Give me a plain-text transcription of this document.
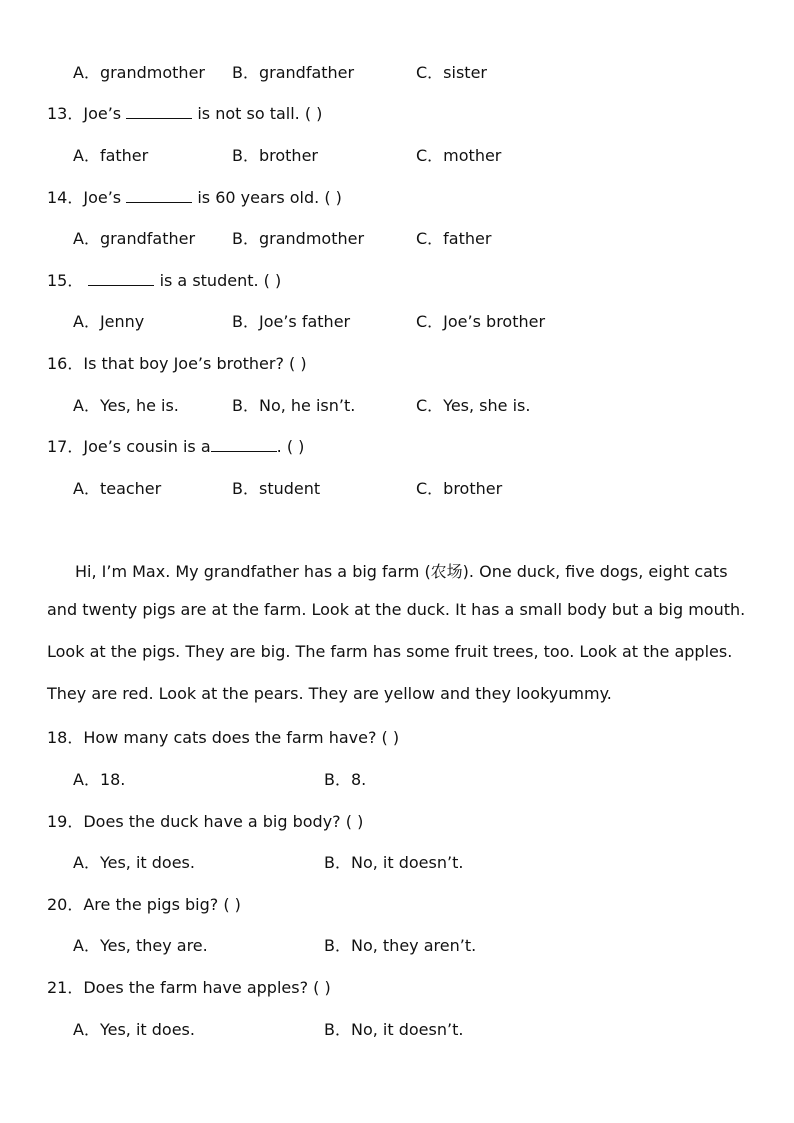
A．grandmother B．grandfather	C．sister
13．Joe’s	is not so tall. ( )
A．father	B．brother	C．mother
14．Joe’s	is 60 years old. ( )
A．grandfather B．grandmother	C．father
15．	is a student. ( )
A．Jenny	B．Joe’s father	C．Joe’s brother
16．Is that boy Joe’s brother? ( )
A．Yes, he is.	B．No, he isn’t.	C．Yes, she is.
17．Joe’s cousin is a	. ( )
A．teacher	B．student	C．brother
Hi, I’m Max. My grandfather has a big farm (农场). One duck, five dogs, eight cats
and twenty pigs are at the farm. Look at the duck. It has a small body but a big mouth.
Look at the pigs. They are big. The farm has some fruit trees, too. Look at the apples.
They are red. Look at the pears. They are yellow and they lookyummy.
18．How many cats does the farm have? ( )
A．18.	B．8.
19．Does the duck have a big body? ( )
A．Yes, it does.	B．No, it doesn’t.
20．Are the pigs big? ( )
A．Yes, they are.	B．No, they aren’t.
21．Does the farm have apples? ( )
A．Yes, it does.	B．No, it doesn’t.
